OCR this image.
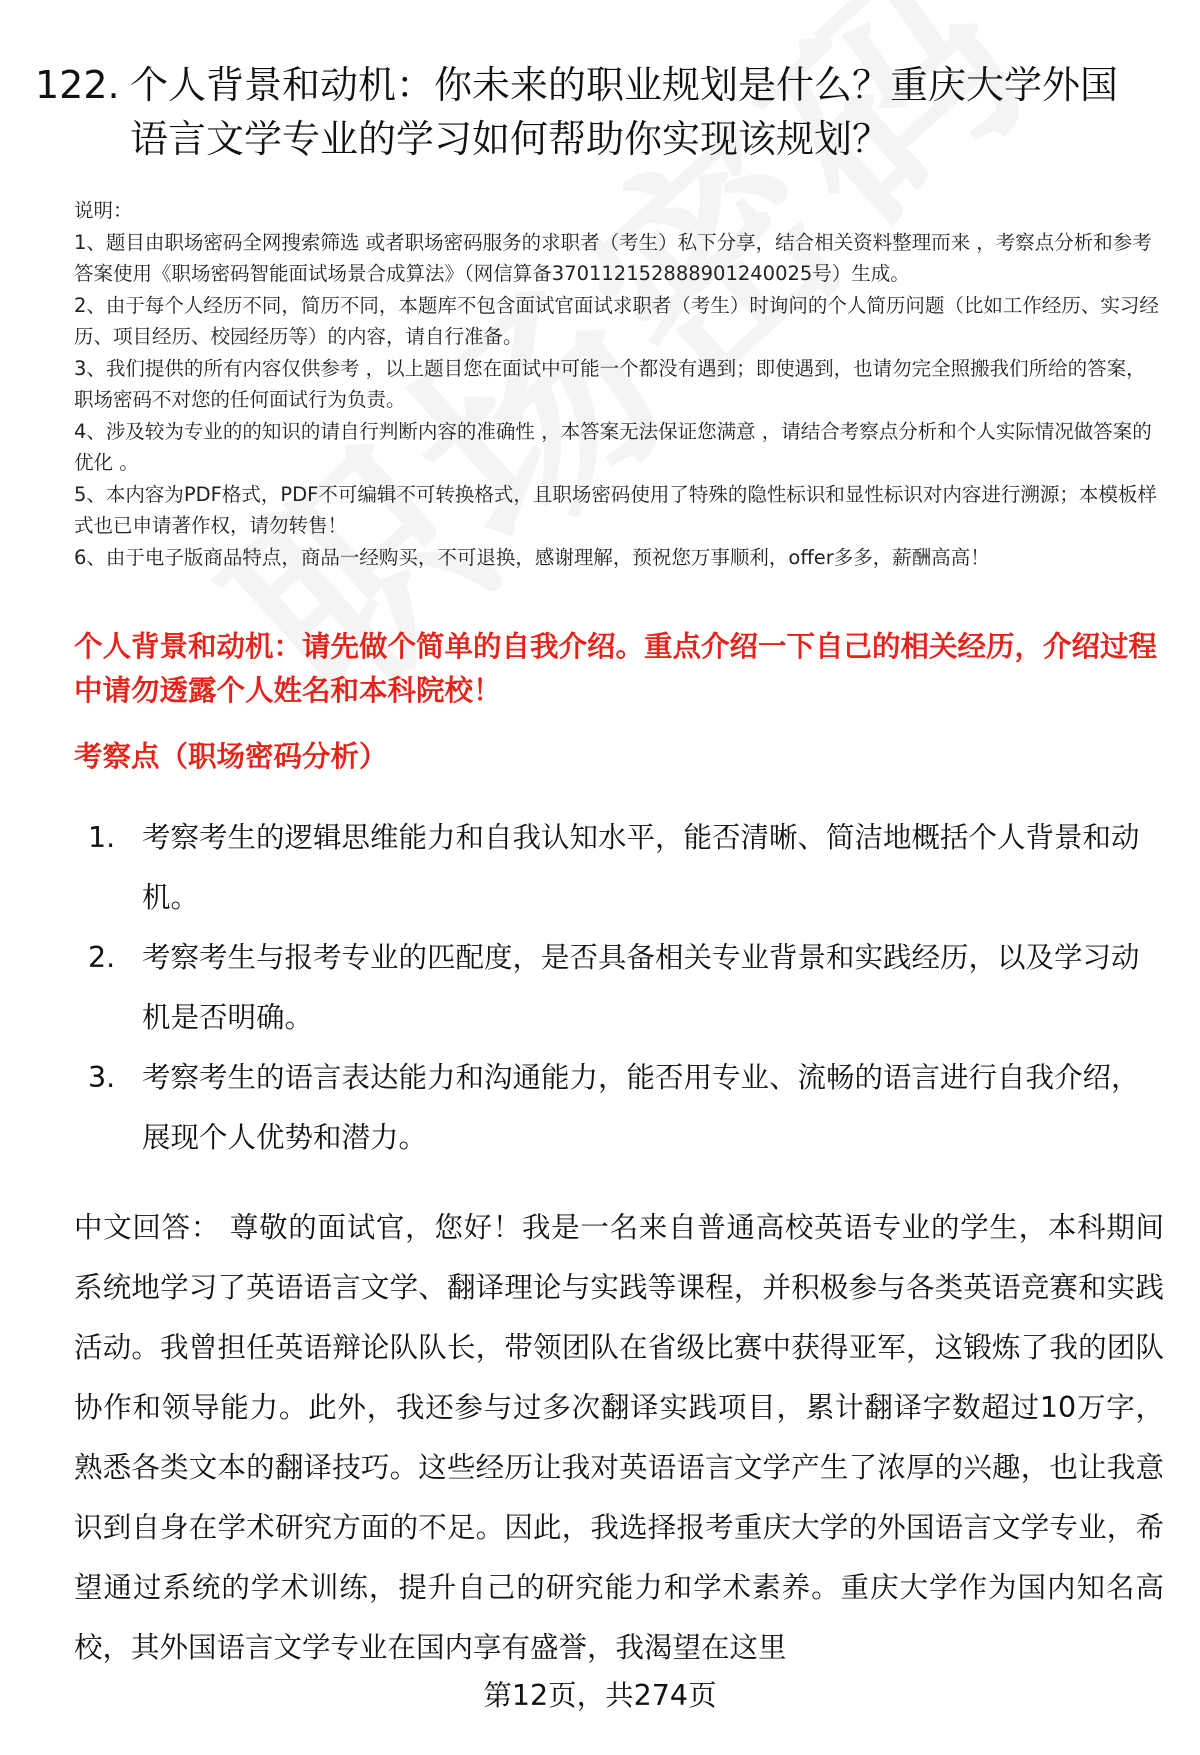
122. 个人背景和动机：你未来的职业规划是什么？重庆大学外国语言文学专业的学习如何帮助你实现该规划？
说明：
1、题目由职场密码全网搜索筛选 或者职场密码服务的求职者（考生）私下分享，结合相关资料整理而来 ，考察点分析和参考答案使用《职场密码智能面试场景合成算法》（网信算备370112152888901240025号）生成。
2、由于每个人经历不同，简历不同，本题库不包含面试官面试求职者（考生）时询问的个人简历问题（比如工作经历、实习经历、项目经历、校园经历等）的内容，请自行准备。
3、我们提供的所有内容仅供参考 ，以上题目您在面试中可能一个都没有遇到；即使遇到，也请勿完全照搬我们所给的答案，职场密码不对您的任何面试行为负责。
4、涉及较为专业的的知识的请自行判断内容的准确性 ，本答案无法保证您满意 ，请结合考察点分析和个人实际情况做答案的优化 。
5、本内容为PDF格式，PDF不可编辑不可转换格式，且职场密码使用了特殊的隐性标识和显性标识对内容进行溯源；本模板样式也已申请著作权，请勿转售！
6、由于电子版商品特点，商品一经购买，不可退换，感谢理解，预祝您万事顺利，offer多多，薪酬高高！
个人背景和动机：请先做个简单的自我介绍。重点介绍一下自己的相关经历，介绍过程中请勿透露个人姓名和本科院校！
考察点（职场密码分析）
1. 考察考生的逻辑思维能力和自我认知水平，能否清晰、简洁地概括个人背景和动机。
2. 考察考生与报考专业的匹配度，是否具备相关专业背景和实践经历，以及学习动机是否明确。
3. 考察考生的语言表达能力和沟通能力，能否用专业、流畅的语言进行自我介绍，展现个人优势和潜力。
中文回答： 尊敬的面试官，您好！我是一名来自普通高校英语专业的学生，本科期间系统地学习了英语语言文学、翻译理论与实践等课程，并积极参与各类英语竞赛和实践活动。我曾担任英语辩论队队长，带领团队在省级比赛中获得亚军，这锻炼了我的团队协作和领导能力。此外，我还参与过多次翻译实践项目，累计翻译字数超过10万字，熟悉各类文本的翻译技巧。这些经历让我对英语语言文学产生了浓厚的兴趣，也让我意识到自身在学术研究方面的不足。因此，我选择报考重庆大学的外国语言文学专业，希望通过系统的学术训练，提升自己的研究能力和学术素养。重庆大学作为国内知名高校，其外国语言文学专业在国内享有盛誉，我渴望在这里
第12页，共274页
